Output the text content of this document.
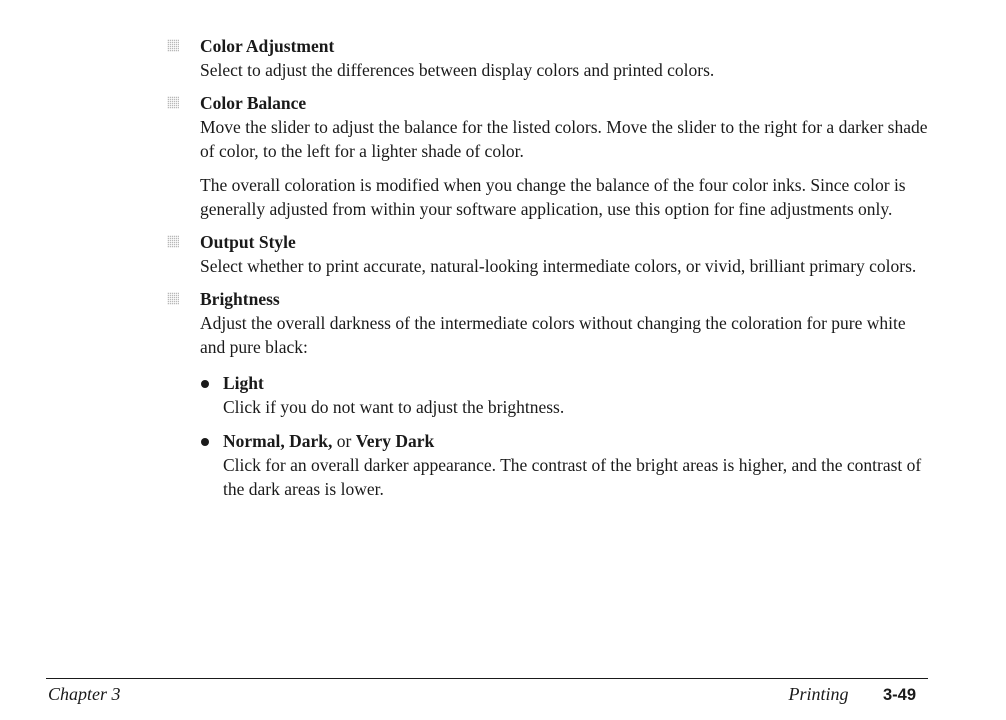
Color Adjustment

Select to adjust the differences between display colors and printed colors.

Color Balance

Move the slider to adjust the balance for the listed colors. Move the slider to the right for a darker shade of color, to the left for a lighter shade of color.

The overall coloration is modified when you change the balance of the four color inks. Since color is generally adjusted from within your software application, use this option for fine adjustments only.

Output Style

Select whether to print accurate, natural-looking intermediate colors, or vivid, brilliant primary colors.

Brightness

Adjust the overall darkness of the intermediate colors without changing the coloration for pure white and pure black:

Light
Click if you do not want to adjust the brightness.
Normal, Dark, or Very Dark
Click for an overall darker appearance. The contrast of the bright areas is higher, and the contrast of the dark areas is lower.
Chapter 3	Printing 3-49
